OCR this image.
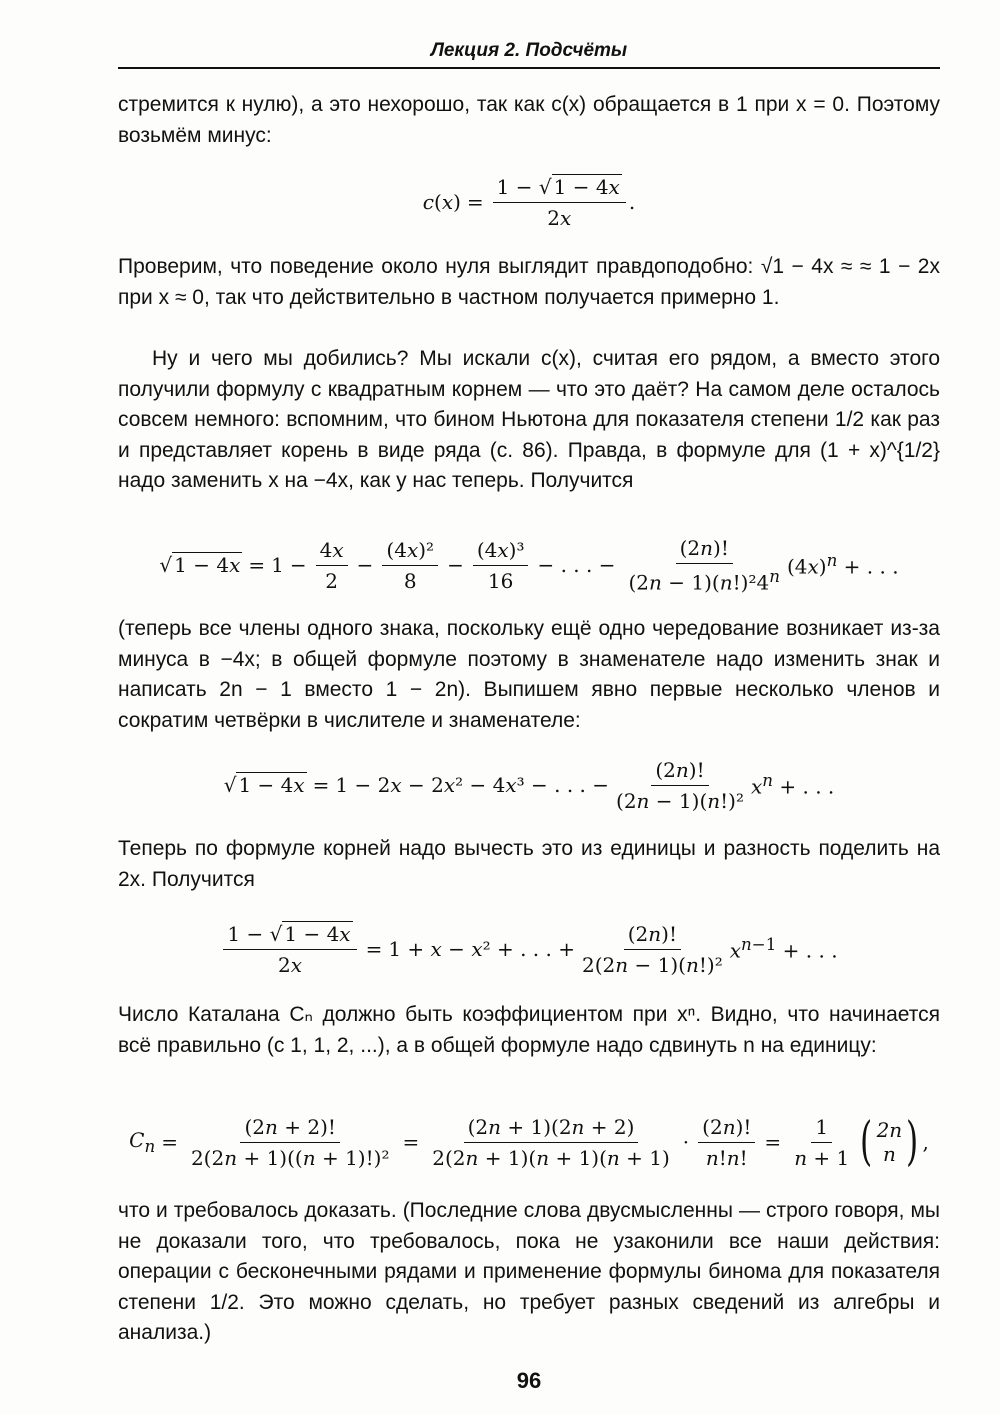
Лекция 2. Подсчёты
стремится к нулю), а это нехорошо, так как c(x) обращается в 1 при x = 0. Поэтому возьмём минус:
c ( x ) = $\frac{1 - √ 1 - 4x}{2x}$ .
Проверим, что поведение около нуля выглядит правдоподобно: √1 − 4x ≈ ≈ 1 − 2x при x ≈ 0, так что действительно в частном получается примерно 1.
Ну и чего мы добились? Мы искали c(x), считая его рядом, а вместо этого получили формулу с квадратным корнем — что это даёт? На самом деле осталось совсем немного: вспомним, что бином Ньютона для показателя степени 1/2 как раз и представляет корень в виде ряда (с. 86). Правда, в формуле для (1 + x)^{1/2} надо заменить x на −4x, как у нас теперь. Получится
√ $1 - 4x = 1 - \frac{4x}{2} - \frac{\text{(4x)²}}{8} - \frac{\text{(4x)³}}{16}$ − . . . − $\frac{(2n)!}{(2n - 1)(n!)^24^n} (4x)^n$ + . . .
(теперь все члены одного знака, поскольку ещё одно чередование возникает из-за минуса в −4x; в общей формуле поэтому в знаменателе надо изменить знак и написать 2n − 1 вместо 1 − 2n). Выпишем явно первые несколько членов и сократим четвёрки в числителе и знаменателе:
√ 1 − 4x = 1 − 2x − 2x² − 4x³ − . . . − $\frac{(2n)!}{\text{(2n − 1)(n!)²}} x^n$ + . . .
Теперь по формуле корней надо вычесть это из единицы и разность поделить на 2x. Получится
$\frac{1 - √ 1 - 4x}{2x} = 1 + x - x^2$ + . . . + $\frac{(2n)!}{\text{2(2n − 1)(n!)²}} x^{n-1}$ + . . .
Число Каталана Cₙ должно быть коэффициентом при xⁿ. Видно, что начинается всё правильно (с 1, 1, 2, ...), а в общей формуле надо сдвинуть n на единицу:
$C_n = \frac{(2n + 2)!}{\text{2(2n + 1)((n + 1)!)²}} = \frac{(2n + 1)(2n + 2)}{2(2n + 1)(n + 1)(n + 1)} \cdot \frac{(2n)!}{n!n!} = \frac{1}{n + 1}$ ( 2n
n ) ,
что и требовалось доказать. (Последние слова двусмысленны — строго говоря, мы не доказали того, что требовалось, пока не узаконили все наши действия: операции с бесконечными рядами и применение формулы бинома для показателя степени 1/2. Это можно сделать, но требует разных сведений из алгебры и анализа.)
96
